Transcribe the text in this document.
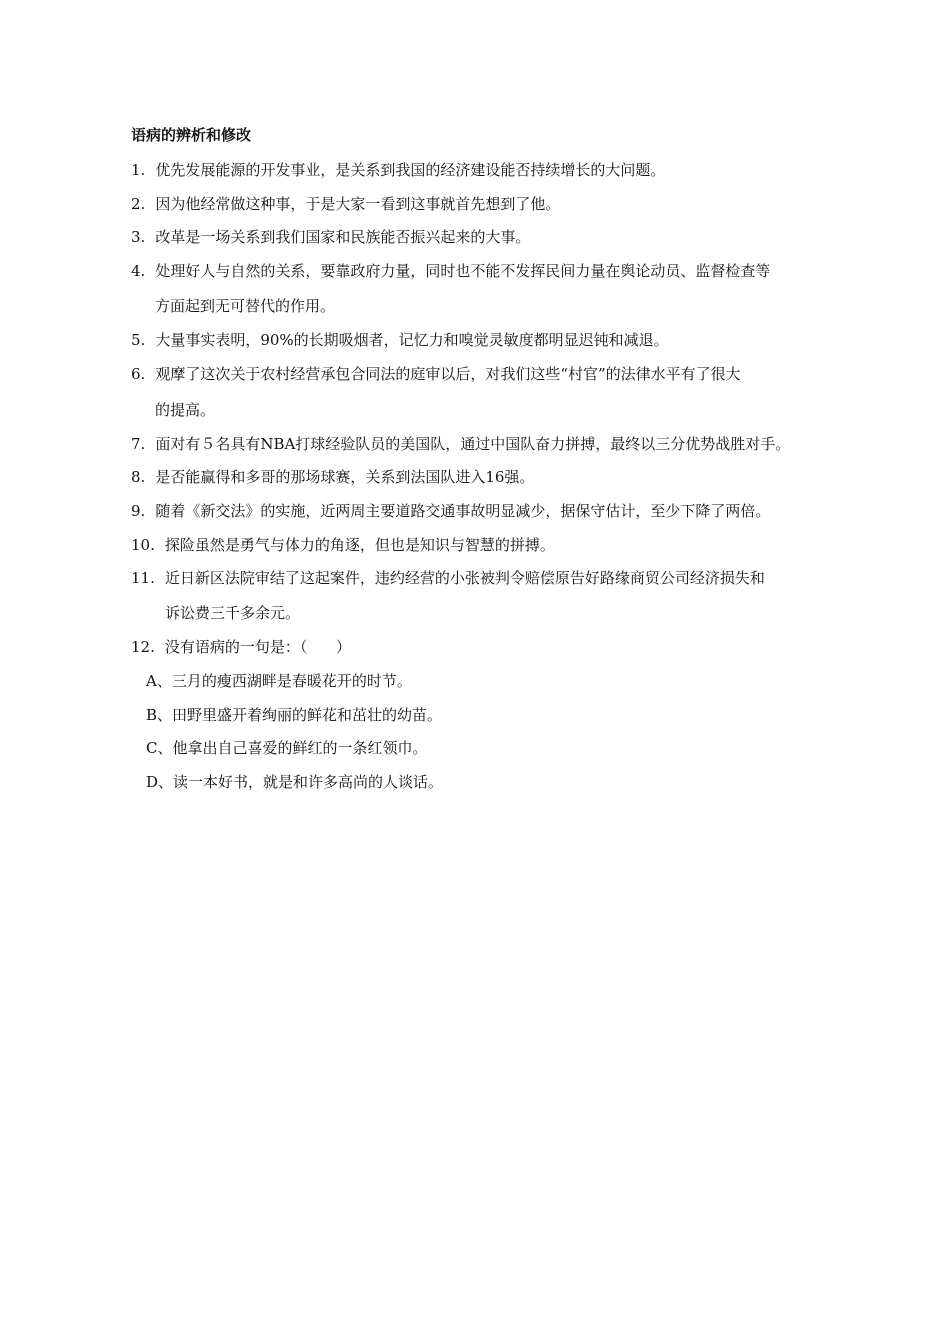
语病的辨析和修改
1. 优先发展能源的开发事业，是关系到我国的经济建设能否持续增长的大问题。
2. 因为他经常做这种事，于是大家一看到这事就首先想到了他。
3. 改革是一场关系到我们国家和民族能否振兴起来的大事。
4. 处理好人与自然的关系，要靠政府力量，同时也不能不发挥民间力量在舆论动员、监督检查等
方面起到无可替代的作用。
5. 大量事实表明，90%的长期吸烟者，记忆力和嗅觉灵敏度都明显迟钝和减退。
6. 观摩了这次关于农村经营承包合同法的庭审以后，对我们这些“村官”的法律水平有了很大
的提高。
7. 面对有５名具有NBA打球经验队员的美国队，通过中国队奋力拼搏，最终以三分优势战胜对手。
8. 是否能赢得和多哥的那场球赛，关系到法国队进入16强。
9. 随着《新交法》的实施，近两周主要道路交通事故明显减少，据保守估计，至少下降了两倍。
10. 探险虽然是勇气与体力的角逐，但也是知识与智慧的拼搏。
11. 近日新区法院审结了这起案件，违约经营的小张被判令赔偿原告好路缘商贸公司经济损失和
诉讼费三千多余元。
12. 没有语病的一句是：（      ）
A、三月的瘦西湖畔是春暖花开的时节。
B、田野里盛开着绚丽的鲜花和茁壮的幼苗。
C、他拿出自己喜爱的鲜红的一条红领巾。
D、读一本好书，就是和许多高尚的人谈话。
